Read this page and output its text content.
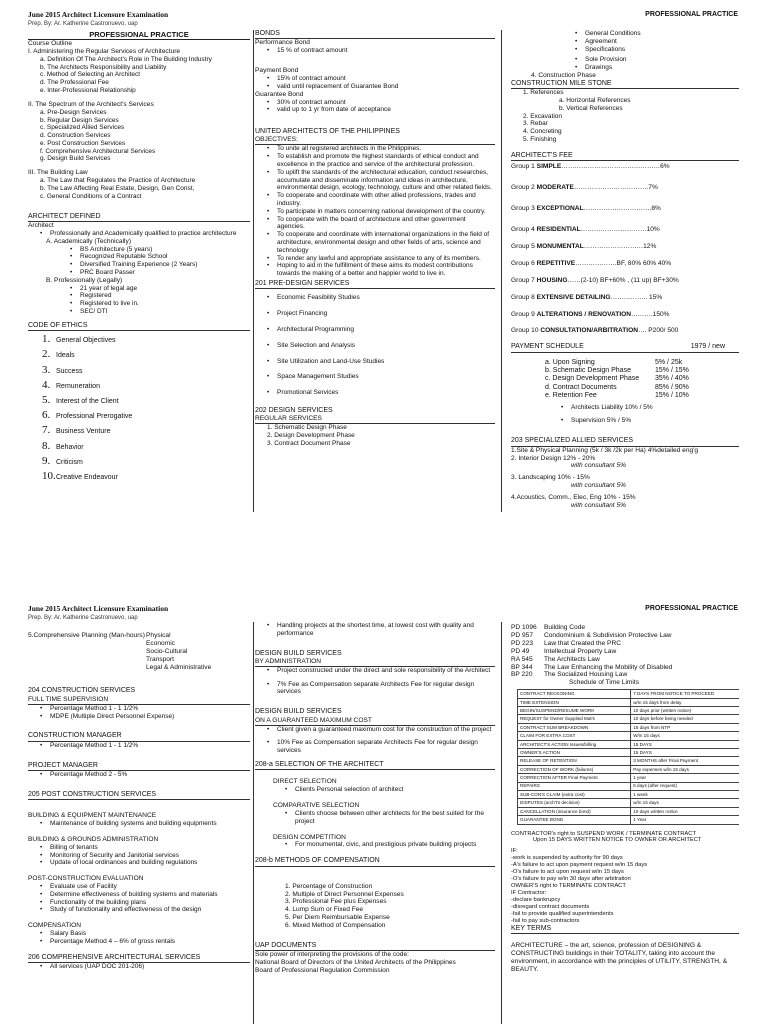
June 2015 Architect Licensure Examination
Prep. By: Ar. Katherine Castronuevo, uap
PROFESSIONAL PRACTICE
PROFESSIONAL PRACTICE
Course Outline
I. Administering the Regular Services of Architecture
a. Definition Of The Architect's Role in The Building Industry
b. The Architects Responsibility and Liability
c. Method of Selecting an Architect
d. The Professional Fee
e. Inter-Professional Relationship
II. The Spectrum of the Architect's Services
a. Pre-Design Services
b. Regular Design Services
c. Specialized Allied Services
d. Construction Services
e. Post Construction Services
f. Comprehensive Architectural Services
g. Design Build Services
III. The Building Law
a. The Law that Regulates the Practice of Architecture
b. The Law Affecting Real Estate, Design, Gen Const,
c. General Conditions of a Contract
ARCHITECT DEFINED
Architect
• Professionally and Academically qualified to practice architecture
A. Academically (Technically)
• BS Architecture (5 years)
• Recognized Reputable School
• Diversified Training Experience (2 Years)
• PRC Board Passer
B. Professionally (Legally)
• 21 year of legal age
• Registered
• Registered to live in.
• SEC/ DTI
CODE OF ETHICS
1. General Objectives
2. Ideals
3. Success
4. Remuneration
5. Interest of the Client
6. Professional Prerogative
7. Business Venture
8. Behavior
9. Criticism
10.Creative Endeavour
BONDS
Performance Bond
• 15 % of contract amount
Payment Bond
• 15% of contract amount
• valid until replacement of Guarantee Bond
Guarantee Bond
• 30% of contract amount
• valid up to 1 yr from date of acceptance
UNITED ARCHITECTS OF THE PHILIPPINES
OBJECTIVES:
• To unite all registered architects in the Philippines.
• To establish and promote the highest standards of ethical conduct and excellence in the practice and service of the architectural profession.
• To uplift the standards of the architectural education, conduct researches, accumulate and disseminate information and ideas in architecture, environmental design, ecology, technology, culture and other related fields.
• To cooperate and coordinate with other allied professions, trades and industry.
• To participate in matters concerning national development of the country.
• To cooperate with the board of architecture and other government agencies.
• To cooperate and coordinate with international organizations in the field of architecture, environmental design and other fields of arts, science and technology
• To render any lawful and appropriate assistance to any of its members.
• Hoping to aid in the fulfillment of these aims its modest contributions towards the making of a better and happier world to live in.
201 PRE-DESIGN SERVICES
• Economic Feasibility Studies
• Project Financing
• Architectural Programming
• Site Selection and Analysis
• Site Utilization and Land-Use Studies
• Space Management Studies
• Promotional Services
202 DESIGN SERVICES
REGULAR SERVICES
1. Schematic Design Phase
2. Design Development Phase
3. Contract Document Phase
• General Conditions
• Agreement
• Specifications
• Sole Provision
• Drawings
4. Construction Phase
CONSTRUCTION MILE STONE
1. References
a. Horizontal References
b. Vertical References
2. Excavation
3. Rebar
4. Concreting
5. Finishing
ARCHITECT'S FEE
Group 1 SIMPLE………………………………………6%
Group 2 MODERATE…………………………….7%
Group 3 EXCEPTIONAL………………………….8%
Group 4 RESIDENTIAL…………………………10%
Group 5 MONUMENTAL………………………12%
Group 6 REPETITIVE……………….BF, 80% 60% 40%
Group 7 HOUSING……(2-10) BF+60% , (11 up) BF+30%
Group 8 EXTENSIVE DETAILING…………….. 15%
Group 9 ALTERATIONS / RENOVATION……….150%
Group 10 CONSULTATION/ARBITRATION…. P200/ 500
PAYMENT SCHEDULE	1979 / new
a. Upon Signing	5% / 25k
b. Schematic Design Phase	15% / 15%
c. Design Development Phase	35% / 40%
d. Contract Documents	85% / 90%
e. Retention Fee	15% / 10%
• Architects Liability 10% / 5%
• Supervision 5% / 5%
203 SPECIALIZED ALLIED SERVICES
1.Site & Physical Planning (5k / 3k /2k per Ha) 4%detailed eng'g
2. Interior Design 12% - 20%
with consultant 5%
3. Landscaping 10% - 15%
with consultant 5%
4.Acoustics, Comm., Elec, Eng 10% - 15%
with consultant 5%
June 2015 Architect Licensure Examination
Prep. By: Ar. Katherine Castronuevo, uap
PROFESSIONAL PRACTICE
5.Comprehensive Planning (Man-hours) Physical
Economic
Socio-Cultural
Transport
Legal & Administrative
204 CONSTRUCTION SERVICES
FULL TIME SUPERVISION
• Percentage Method 1 - 1 1/2%
• MDPE (Multiple Direct Personnel Expense)
CONSTRUCTION MANAGER
• Percentage Method 1 - 1 1/2%
PROJECT MANAGER
• Percentage Method 2 - 5%
205 POST CONSTRUCTION SERVICES
BUILDING & EQUIPMENT MAINTENANCE
• Maintenance of building systems and building equipments
BUILDING & GROUNDS ADMINISTRATION
• Billing of tenants
• Monitoring of Security and Janitorial services
• Update of local ordinances and building regulations
POST-CONSTRUCTION EVALUATION
• Evaluate use of Facility
• Determine effectiveness of building systems and materials
• Functionality of the building plans
• Study of functionality and effectiveness of the design
COMPENSATION
• Salary Basis
• Percentage Method 4 – 6% of gross rentals
206 COMPREHENSIVE ARCHITECTURAL SERVICES
• All services (UAP DOC 201-206)
• Handling projects at the shortest time, at lowest cost with quality and performance
DESIGN BUILD SERVICES
BY ADMINISTRATION
• Project constructed under the direct and sole responsibility of the Architect
• 7% Fee as Compensation separate Architects Fee for regular design services
DESIGN BUILD SERVICES
ON A GUARANTEED MAXIMUM COST
• Client given a guaranteed maximum cost for the construction of the project
• 10% Fee as Compensation separate Architects Fee for regular design services
208-a SELECTION OF THE ARCHITECT
DIRECT SELECTION
• Clients Personal selection of architect
COMPARATIVE SELECTION
• Clients choose between other architects for the best suited for the project
DESIGN COMPETITION
• For monumental, civic, and prestigious private building projects
208-b METHODS OF COMPENSATION
1. Percentage of Construction
2. Multiple of Direct Personnel Expenses
3. Professional Fee plus Expenses
4. Lump Sum or Fixed Fee
5. Per Diem Reimbursable Expense
6. Mixed Method of Compensation
UAP DOCUMENTS
Sole power of interpreting the provisions of the code:
National Board of Directors of the United Architects of the Philippines
Board of Professional Regulation Commission
PD 1096	Building Code
PD 957	Condominium & Subdivision Protective Law
PD 223	Law that Created the PRC
PD 49	Intellectual Property Law
RA 545	The Architects Law
BP 344	The Law Enhancing the Mobility of Disabled
BP 220	The Socialized Housing Law
Schedule of Time Limits
CONTRACT RECKONING	7 DAYS FROM NOTICE TO PROCEED
TIME EXTENSION	w/in 15 days from delay
BEGIN/SUSPEND/RESUME WORK	10 days prior (written notice)
REQUEST for Owner Supplied Mat's	10 days before being needed
CONTRACT SUM BREAKDOWN	15 days from NTP
CLAIM FOR EXTRA COST	W/in 15 days
ARCHITECT'S ACTION Issues/billing	15 DAYS
OWNER'S ACTION	15 DAYS
RELEASE OF RETENTION	3 MONTHS after Final Payment
CORRECTION OF WORK (failures)	Pay expenses w/in 15 days
CORRECTION AFTER Final Payment	1 year
REPAIRS	5 days (after request)
SUB-CON'S CLAIM (extra cost)	1 week
DISPUTES (arch't's decision)	w/in 15 days
CANCELLATION (insurance bond)	10 days written notice
GUARANTEE BOND	1 Year
CONTRACTOR's right to SUSPEND WORK / TERMINATE CONTRACT
Upon 15 DAYS WRITTEN NOTICE TO OWNER OR ARCHITECT
IF:
-work is suspended by authority for 90 days
-A's failure to act upon payment request w/in 15 days
-O's failure to act upon request w/in 15 days
-O's failure to pay w/in 30 days after arbitration
OWNER'S right to TERMINATE CONTRACT
IF Contractor:
-declare bankrupcy
-disregard contract documents
-fail to provide qualified superintendents
-fail to pay sub-contractors
KEY TERMS
ARCHITECTURE – the art, science, profession of DESIGNING & CONSTRUCTING buildings in their TOTALITY, taking into account the environment, in accordance with the principles of UTILITY, STRENGTH, & BEAUTY.
